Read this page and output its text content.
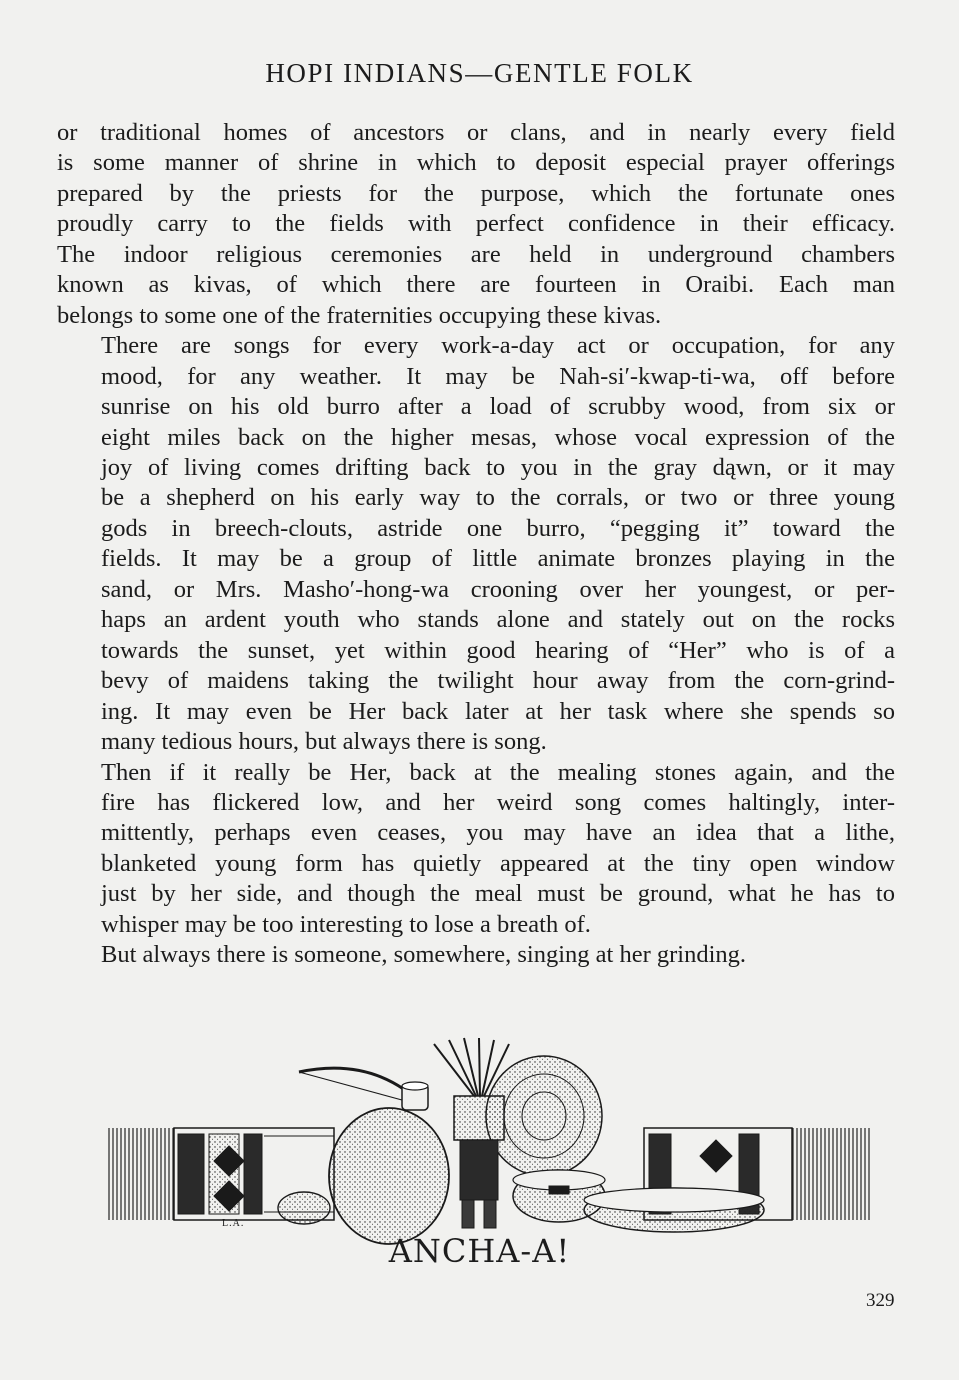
HOPI INDIANS—GENTLE FOLK

or traditional homes of ancestors or clans, and in nearly every field
is some manner of shrine in which to deposit especial prayer offerings
prepared by the priests for the purpose, which the fortunate ones
proudly carry to the fields with perfect confidence in their efficacy.
The indoor religious ceremonies are held in underground chambers
known as kivas, of which there are fourteen in Oraibi. Each man
belongs to some one of the fraternities occupying these kivas.

There are songs for every work-a-day act or occupation, for any
mood, for any weather. It may be Nah-si′-kwap-ti-wa, off before
sunrise on his old burro after a load of scrubby wood, from six or
eight miles back on the higher mesas, whose vocal expression of the
joy of living comes drifting back to you in the gray dąwn, or it may
be a shepherd on his early way to the corrals, or two or three young
gods in breech-clouts, astride one burro, “pegging it” toward the
fields. It may be a group of little animate bronzes playing in the
sand, or Mrs. Masho′-hong-wa crooning over her youngest, or per-
haps an ardent youth who stands alone and stately out on the rocks
towards the sunset, yet within good hearing of “Her” who is of a
bevy of maidens taking the twilight hour away from the corn-grind-
ing. It may even be Her back later at her task where she spends so
many tedious hours, but always there is song.

Then if it really be Her, back at the mealing stones again, and the
fire has flickered low, and her weird song comes haltingly, inter-
mittently, perhaps even ceases, you may have an idea that a lithe,
blanketed young form has quietly appeared at the tiny open window
just by her side, and though the meal must be ground, what he has to
whisper may be too interesting to lose a breath of.

But always there is someone, somewhere, singing at her grinding.

L.A.
ANCHA-A!
329
